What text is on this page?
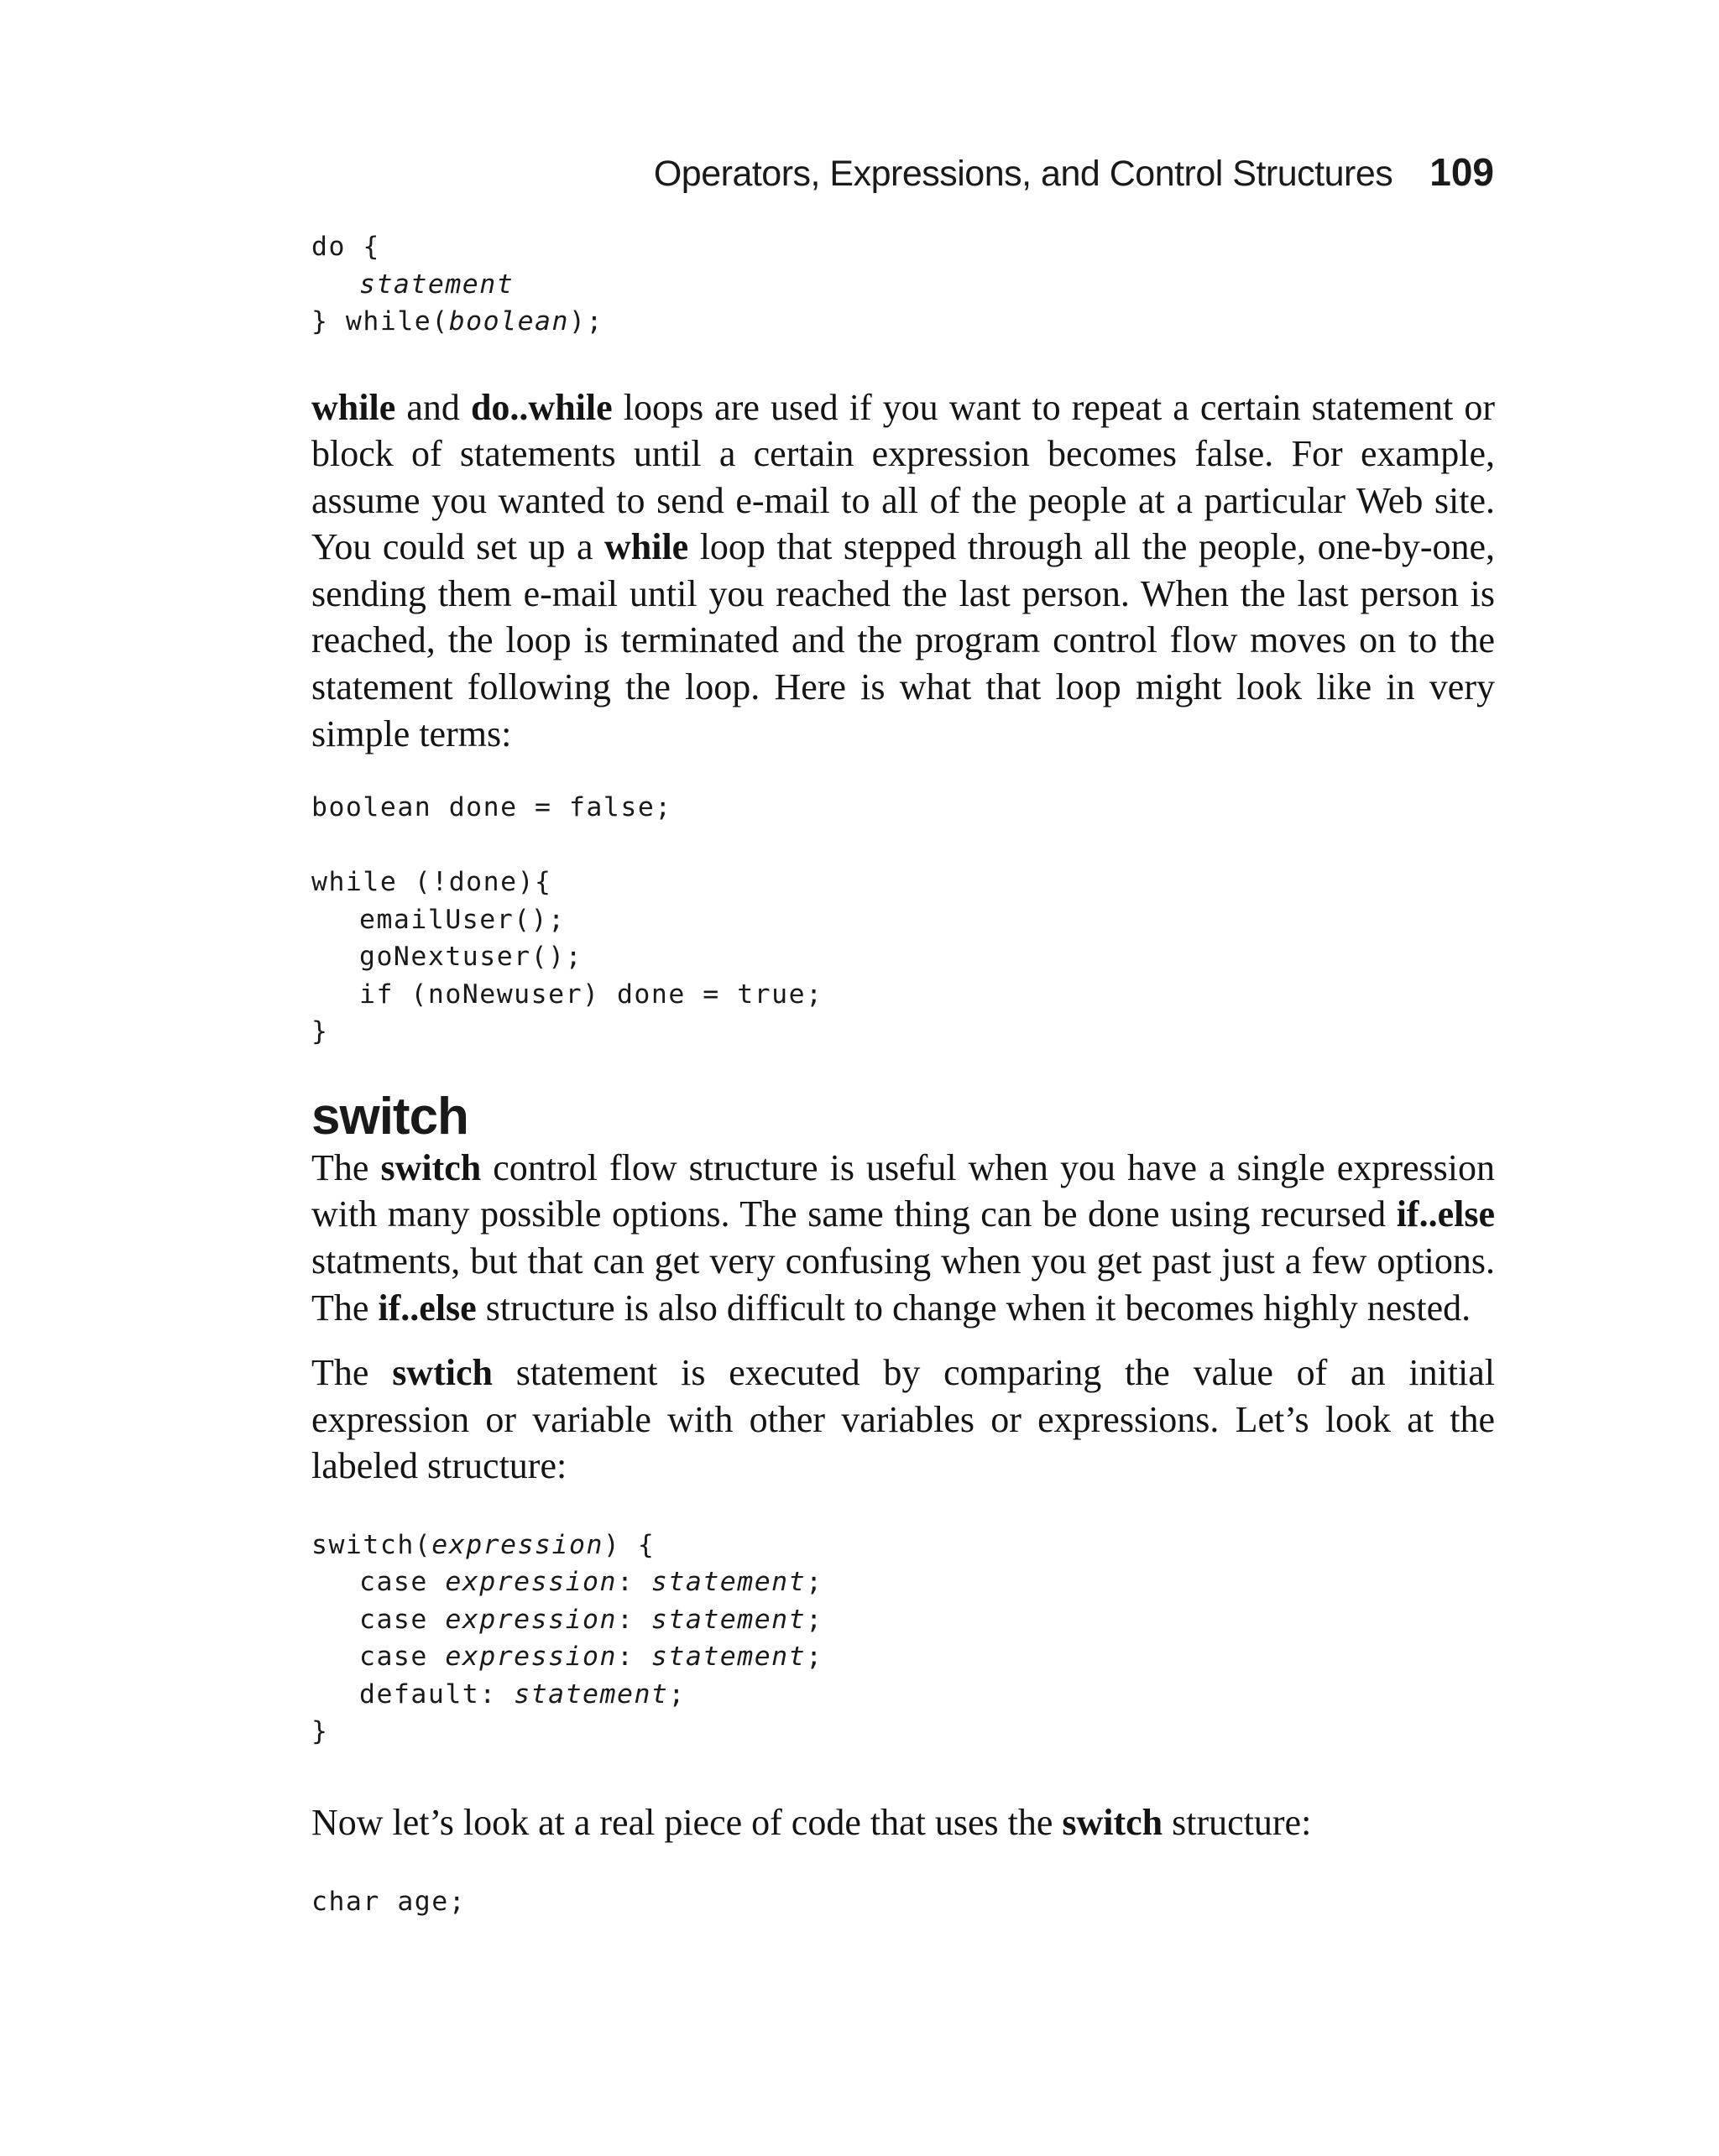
Operators, Expressions, and Control Structures 109
do {
statement
} while(boolean);

while and do..while loops are used if you want to repeat a certain statement or block of statements until a certain expression becomes false. For example, assume you wanted to send e-mail to all of the people at a particular Web site. You could set up a while loop that stepped through all the people, one-by-one, sending them e-mail until you reached the last person. When the last person is reached, the loop is terminated and the program control flow moves on to the statement following the loop. Here is what that loop might look like in very simple terms:

boolean done = false;
while (!done){
emailUser();
goNextuser();
if (noNewuser) done = true;
}
switch

The switch control flow structure is useful when you have a single expression with many possible options. The same thing can be done using recursed if..else statments, but that can get very confusing when you get past just a few options. The if..else structure is also difficult to change when it becomes highly nested.

The swtich statement is executed by comparing the value of an initial expression or variable with other variables or expressions. Let’s look at the labeled structure:

switch(expression) {
case expression: statement;
case expression: statement;
case expression: statement;
default: statement;
}

Now let’s look at a real piece of code that uses the switch structure:

char age;
